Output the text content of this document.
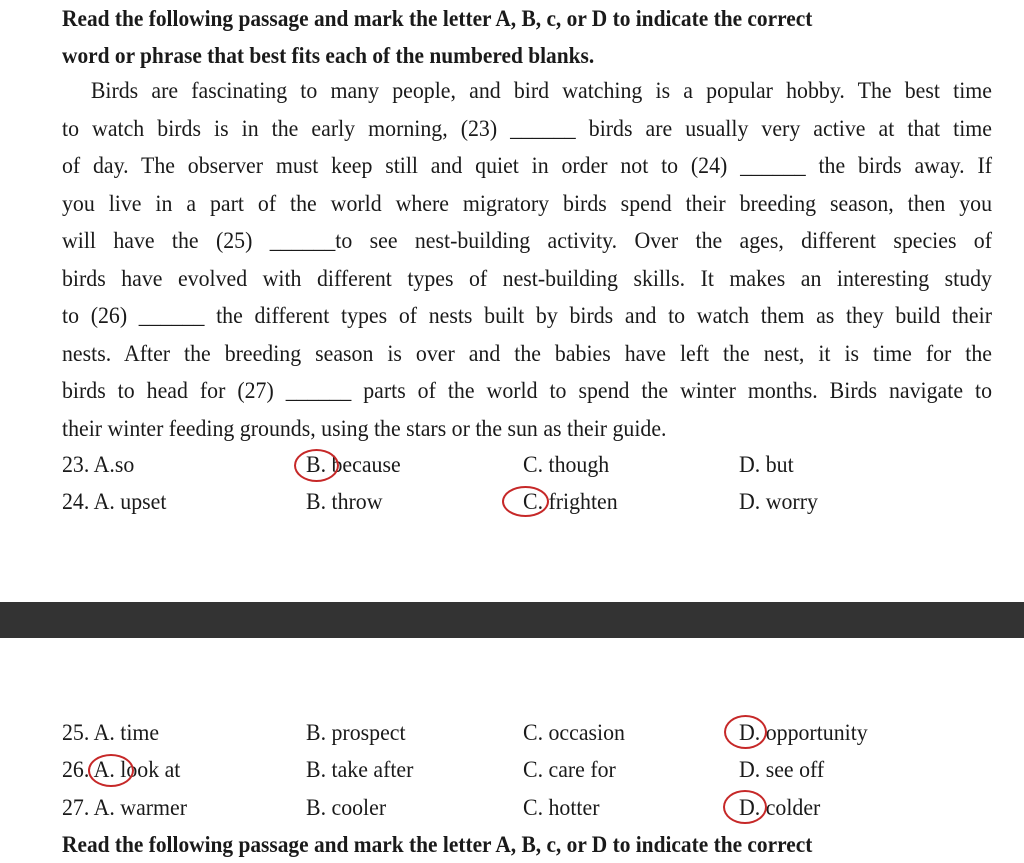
Read the following passage and mark the letter A, B, c, or D to indicate the correct
word or phrase that best fits each of the numbered blanks.
Birds are fascinating to many people, and bird watching is a popular hobby. The best time
to watch birds is in the early morning, (23) ______ birds are usually very active at that time
of day. The observer must keep still and quiet in order not to (24) ______ the birds away. If
you live in a part of the world where migratory birds spend their breeding season, then you
will have the (25) ______to see nest-building activity. Over the ages, different species of
birds have evolved with different types of nest-building skills. It makes an interesting study
to (26) ______ the different types of nests built by birds and to watch them as they build their
nests. After the breeding season is over and the babies have left the nest, it is time for the
birds to head for (27) ______ parts of the world to spend the winter months. Birds navigate to
their winter feeding grounds, using the stars or the sun as their guide.
23. A.so	B. because	C. though	D. but
24. A. upset	B. throw	C. frighten	D. worry
25. A. time	B. prospect	C. occasion	D. opportunity
26. A. look at	B. take after	C. care for	D. see off
27. A. warmer	B. cooler	C. hotter	D. colder
Read the following passage and mark the letter A, B, c, or D to indicate the correct
